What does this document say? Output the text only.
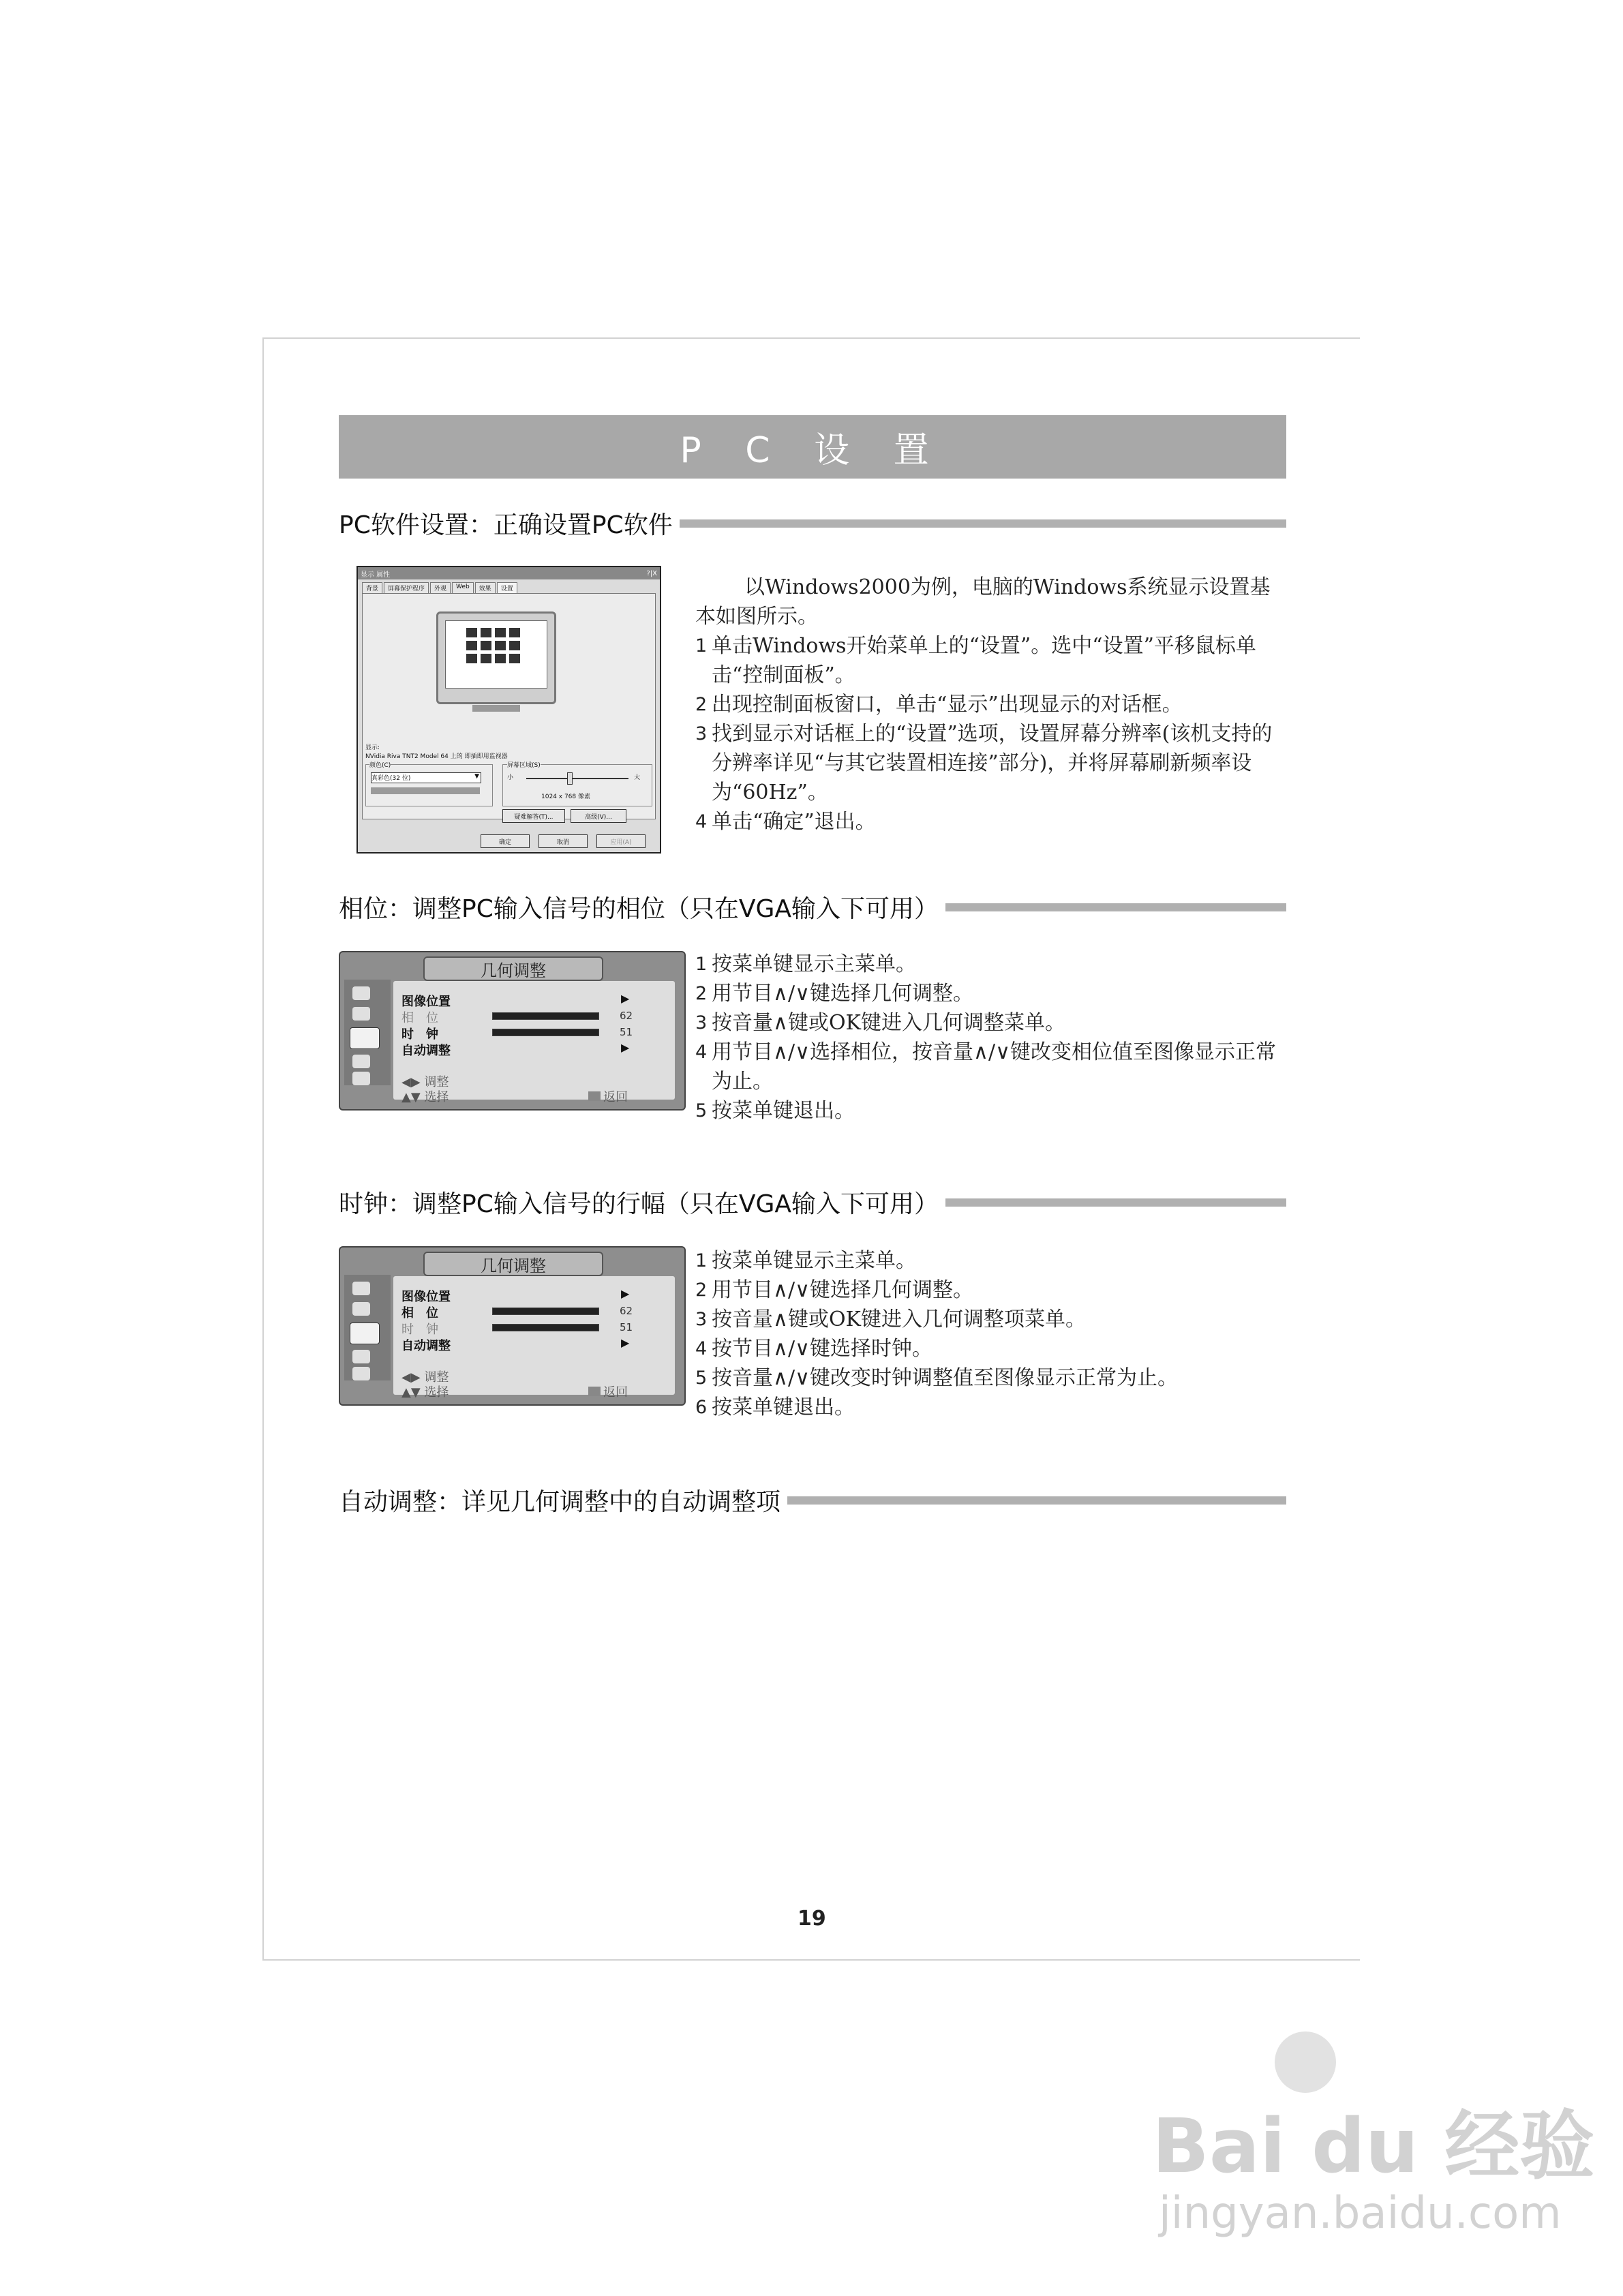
P C 设 置
PC软件设置：正确设置PC软件
显示 属性	?|X
背景	屏幕保护程序	外观	Web	效果	设置
显示:
NVidia Riva TNT2 Model 64 上的 即插即用监视器
颜色(C)
真彩色(32 位)	▼
屏幕区域(S)
小	大
1024 x 768 像素
疑难解答(T)...	高级(V)...
确定	取消	应用(A)
以Windows2000为例，电脑的Windows系统显示设置基本如图所示。
1 单击Windows开始菜单上的“设置”。选中“设置”平移鼠标单击“控制面板”。
2 出现控制面板窗口，单击“显示”出现显示的对话框。
3 找到显示对话框上的“设置”选项，设置屏幕分辨率(该机支持的分辨率详见“与其它装置相连接”部分)，并将屏幕刷新频率设为“60Hz”。
4 单击“确定”退出。
相位：调整PC输入信号的相位（只在VGA输入下可用）
几何调整
图像位置	▶
相　位	62
时　钟	51
自动调整	▶
◀▶ 调整
▲▼ 选择	返回
1 按菜单键显示主菜单。
2 用节目∧/∨键选择几何调整。
3 按音量∧键或OK键进入几何调整菜单。
4 用节目∧/∨选择相位，按音量∧/∨键改变相位值至图像显示正常为止。
5 按菜单键退出。
时钟：调整PC输入信号的行幅（只在VGA输入下可用）
几何调整
图像位置	▶
相　位	62
时　钟	51
自动调整	▶
◀▶ 调整
▲▼ 选择	返回
1 按菜单键显示主菜单。
2 用节目∧/∨键选择几何调整。
3 按音量∧键或OK键进入几何调整项菜单。
4 按节目∧/∨键选择时钟。
5 按音量∧/∨键改变时钟调整值至图像显示正常为止。
6 按菜单键退出。
自动调整：详见几何调整中的自动调整项
19
Bai du 经验
jingyan.baidu.com
